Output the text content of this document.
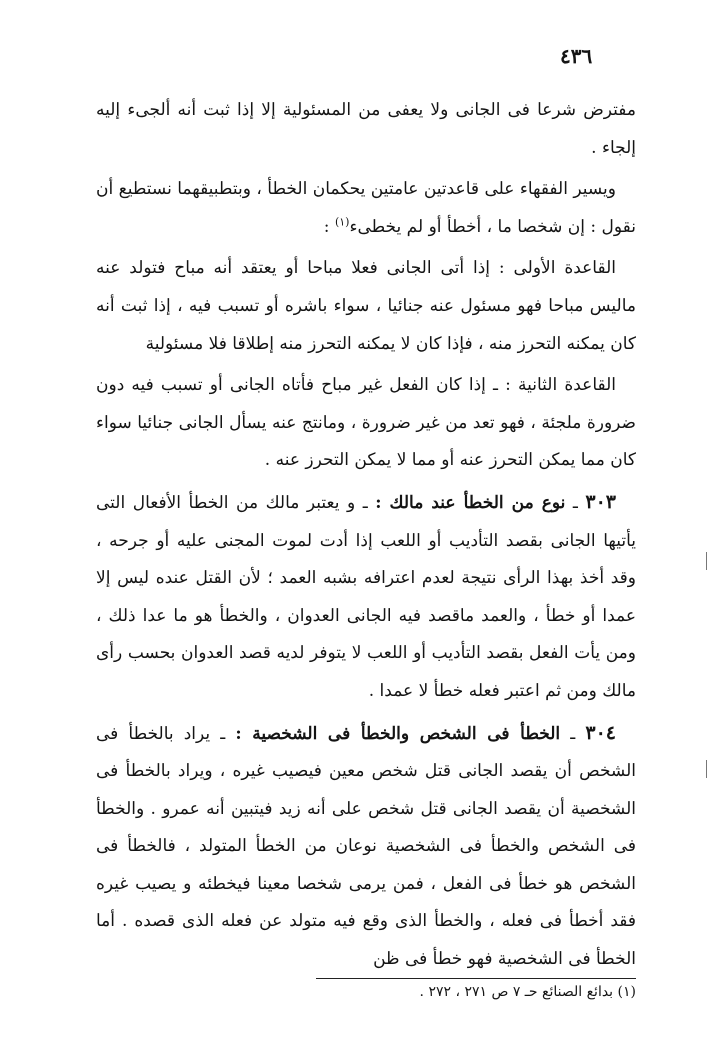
٤٣٦

مفترض شرعا فى الجانى ولا يعفى من المسئولية إلا إذا ثبت أنه ألجىء إليه إلجاء .

ويسير الفقهاء على قاعدتين عامتين يحكمان الخطأ ، وبتطبيقهما نستطيع أن نقول : إن شخصا ما ، أخطأ أو لم يخطىء$^{(١)}$ :

القاعدة الأولى : إذا أتى الجانى فعلا مباحا أو يعتقد أنه مباح فتولد عنه ماليس مباحا فهو مسئول عنه جنائيا ، سواء باشره أو تسبب فيه ، إذا ثبت أنه كان يمكنه التحرز منه ، فإذا كان لا يمكنه التحرز منه إطلاقا فلا مسئولية

القاعدة الثانية : ـ إذا كان الفعل غير مباح فأتاه الجانى أو تسبب فيه دون ضرورة ملجئة ، فهو تعد من غير ضرورة ، ومانتج عنه يسأل الجانى جنائيا سواء كان مما يمكن التحرز عنه أو مما لا يمكن التحرز عنه .

٣٠٣ ـ نوع من الخطأ عند مالك : ـ و يعتبر مالك من الخطأ الأفعال التى يأتيها الجانى بقصد التأديب أو اللعب إذا أدت لموت المجنى عليه أو جرحه ، وقد أخذ بهذا الرأى نتيجة لعدم اعترافه بشبه العمد ؛ لأن القتل عنده ليس إلا عمدا أو خطأ ، والعمد ماقصد فيه الجانى العدوان ، والخطأ هو ما عدا ذلك ، ومن يأت الفعل بقصد التأديب أو اللعب لا يتوفر لديه قصد العدوان بحسب رأى مالك ومن ثم اعتبر فعله خطأ لا عمدا .

٣٠٤ ـ الخطأ فى الشخص والخطأ فى الشخصية : ـ يراد بالخطأ فى الشخص أن يقصد الجانى قتل شخص معين فيصيب غيره ، ويراد بالخطأ فى الشخصية أن يقصد الجانى قتل شخص على أنه زيد فيتبين أنه عمرو . والخطأ فى الشخص والخطأ فى الشخصية نوعان من الخطأ المتولد ، فالخطأ فى الشخص هو خطأ فى الفعل ، فمن يرمى شخصا معينا فيخطئه و يصيب غيره فقد أخطأ فى فعله ، والخطأ الذى وقع فيه متولد عن فعله الذى قصده . أما الخطأ فى الشخصية فهو خطأ فى ظن

(١) بدائع الصنائع حـ ٧ ص ٢٧١ ، ٢٧٢ .
